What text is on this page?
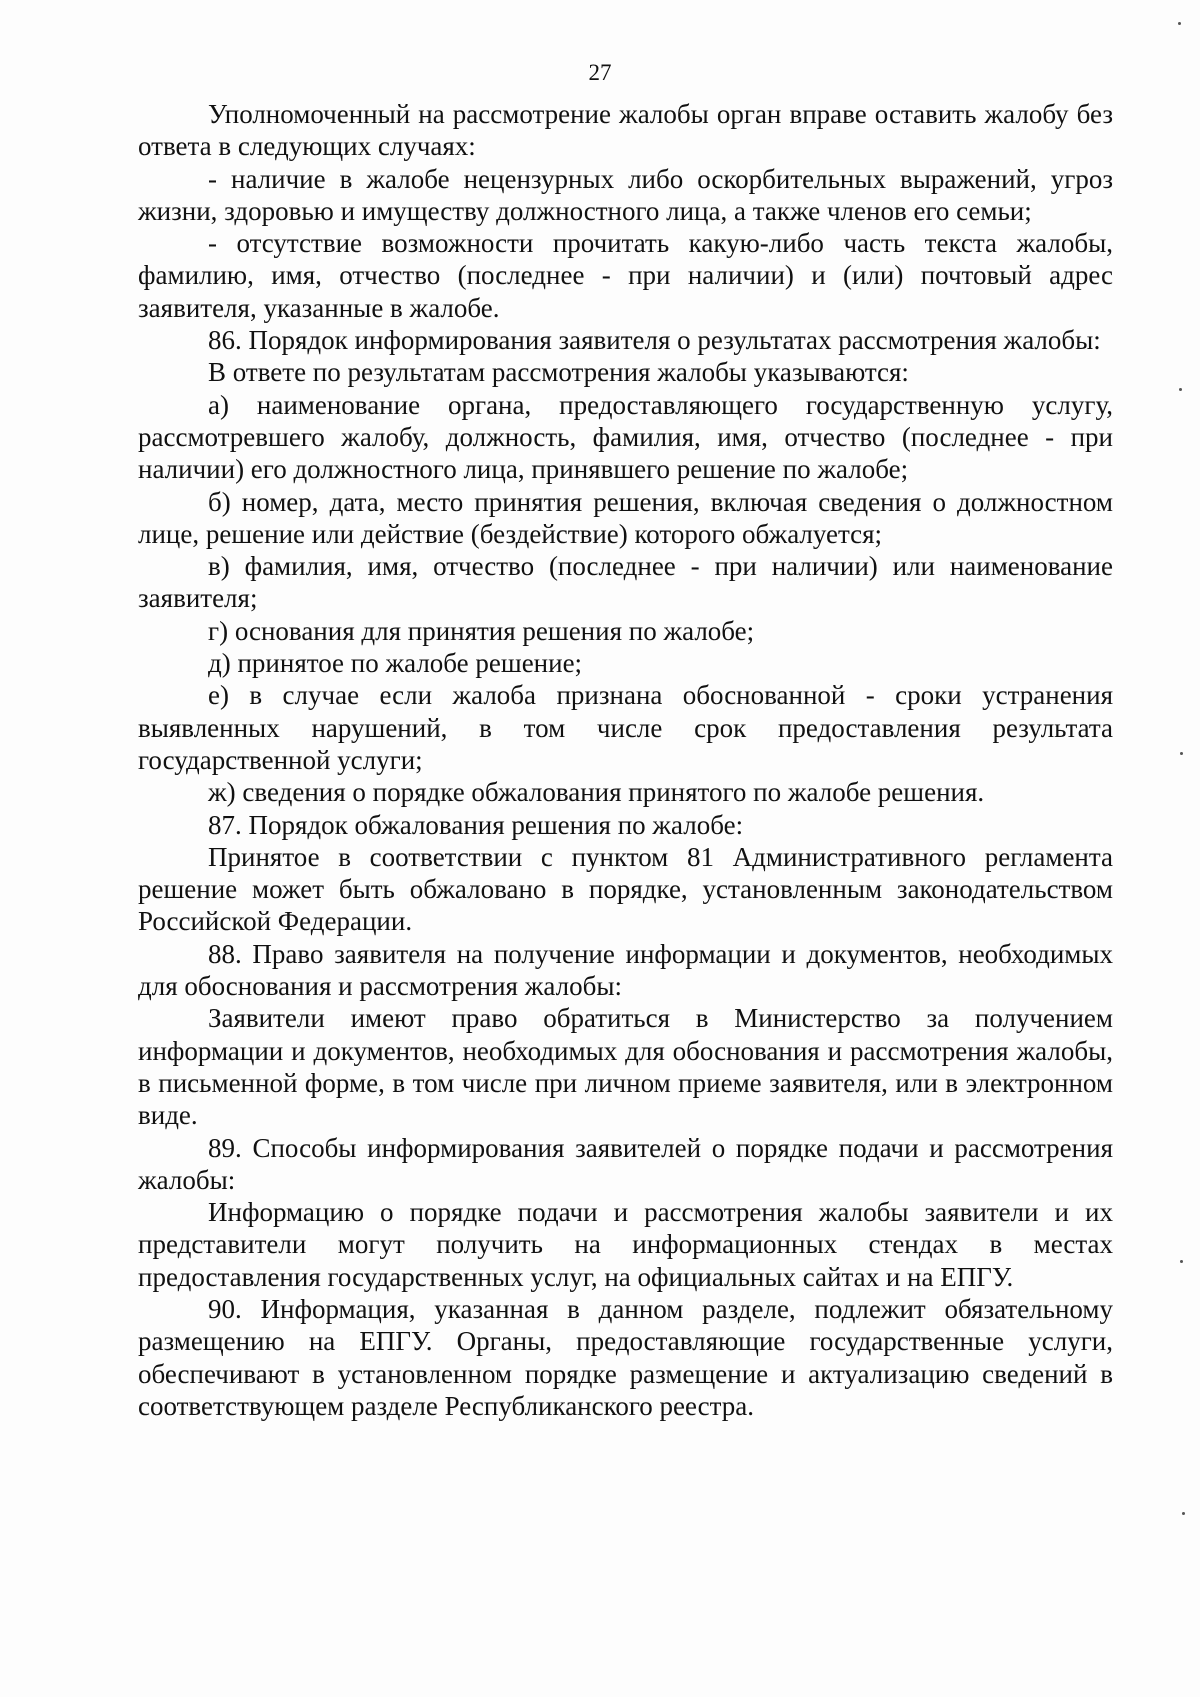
27

Уполномоченный на рассмотрение жалобы орган вправе оставить жалобу без ответа в следующих случаях:

- наличие в жалобе нецензурных либо оскорбительных выражений, угроз жизни, здоровью и имуществу должностного лица, а также членов его семьи;

- отсутствие возможности прочитать какую-либо часть текста жалобы, фамилию, имя, отчество (последнее - при наличии) и (или) почтовый адрес заявителя, указанные в жалобе.

86. Порядок информирования заявителя о результатах рассмотрения жалобы:

В ответе по результатам рассмотрения жалобы указываются:

а) наименование органа, предоставляющего государственную услугу, рассмотревшего жалобу, должность, фамилия, имя, отчество (последнее - при наличии) его должностного лица, принявшего решение по жалобе;

б) номер, дата, место принятия решения, включая сведения о должностном лице, решение или действие (бездействие) которого обжалуется;

в) фамилия, имя, отчество (последнее - при наличии) или наименование заявителя;

г) основания для принятия решения по жалобе;

д) принятое по жалобе решение;

е) в случае если жалоба признана обоснованной - сроки устранения выявленных нарушений, в том числе срок предоставления результата государственной услуги;

ж) сведения о порядке обжалования принятого по жалобе решения.

87. Порядок обжалования решения по жалобе:

Принятое в соответствии с пунктом 81 Административного регламента решение может быть обжаловано в порядке, установленным законодательством Российской Федерации.

88. Право заявителя на получение информации и документов, необходимых для обоснования и рассмотрения жалобы:

Заявители имеют право обратиться в Министерство за получением информации и документов, необходимых для обоснования и рассмотрения жалобы, в письменной форме, в том числе при личном приеме заявителя, или в электронном виде.

89. Способы информирования заявителей о порядке подачи и рассмотрения жалобы:

Информацию о порядке подачи и рассмотрения жалобы заявители и их представители могут получить на информационных стендах в местах предоставления государственных услуг, на официальных сайтах и на ЕПГУ.

90. Информация, указанная в данном разделе, подлежит обязательному размещению на ЕПГУ. Органы, предоставляющие государственные услуги, обеспечивают в установленном порядке размещение и актуализацию сведений в соответствующем разделе Республиканского реестра.
